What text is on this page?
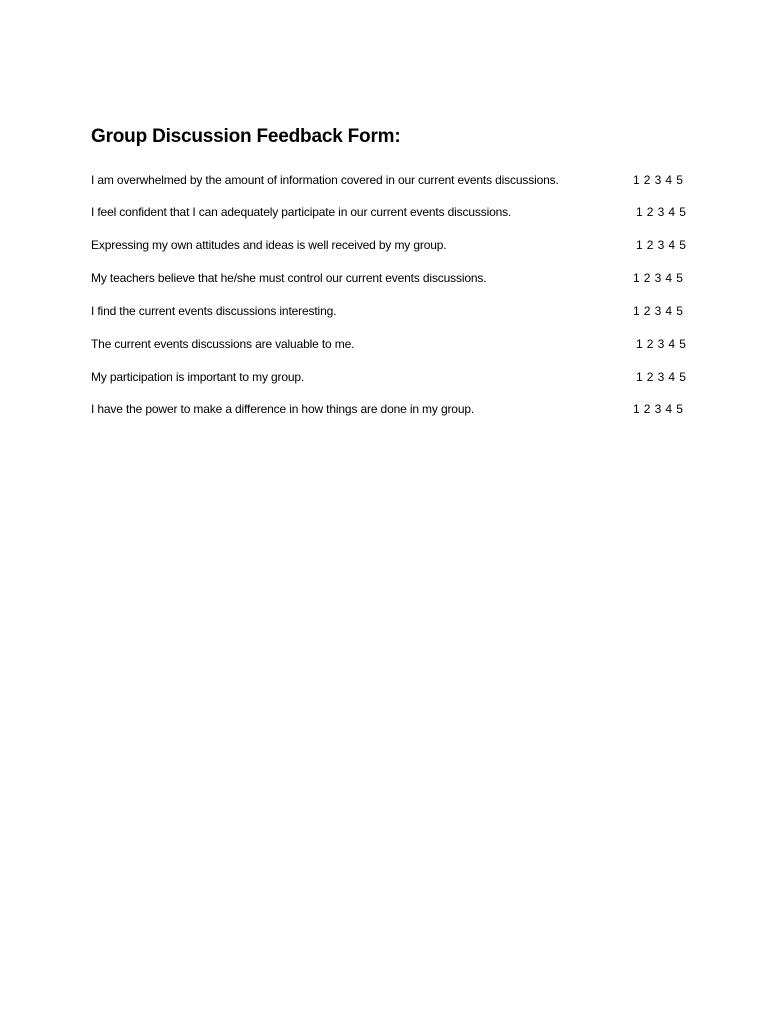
Group Discussion Feedback Form:
I am overwhelmed by the amount of information covered in our current events discussions.	1 2 3 4 5
I feel confident that I can adequately participate in our current events discussions.	1 2 3 4 5
Expressing my own attitudes and ideas is well received by my group.	1 2 3 4 5
My teachers believe that he/she must control our current events discussions.	1 2 3 4 5
I find the current events discussions interesting.	1 2 3 4 5
The current events discussions are valuable to me.	1 2 3 4 5
My participation is important to my group.	1 2 3 4 5
I have the power to make a difference in how things are done in my group.	1 2 3 4 5
